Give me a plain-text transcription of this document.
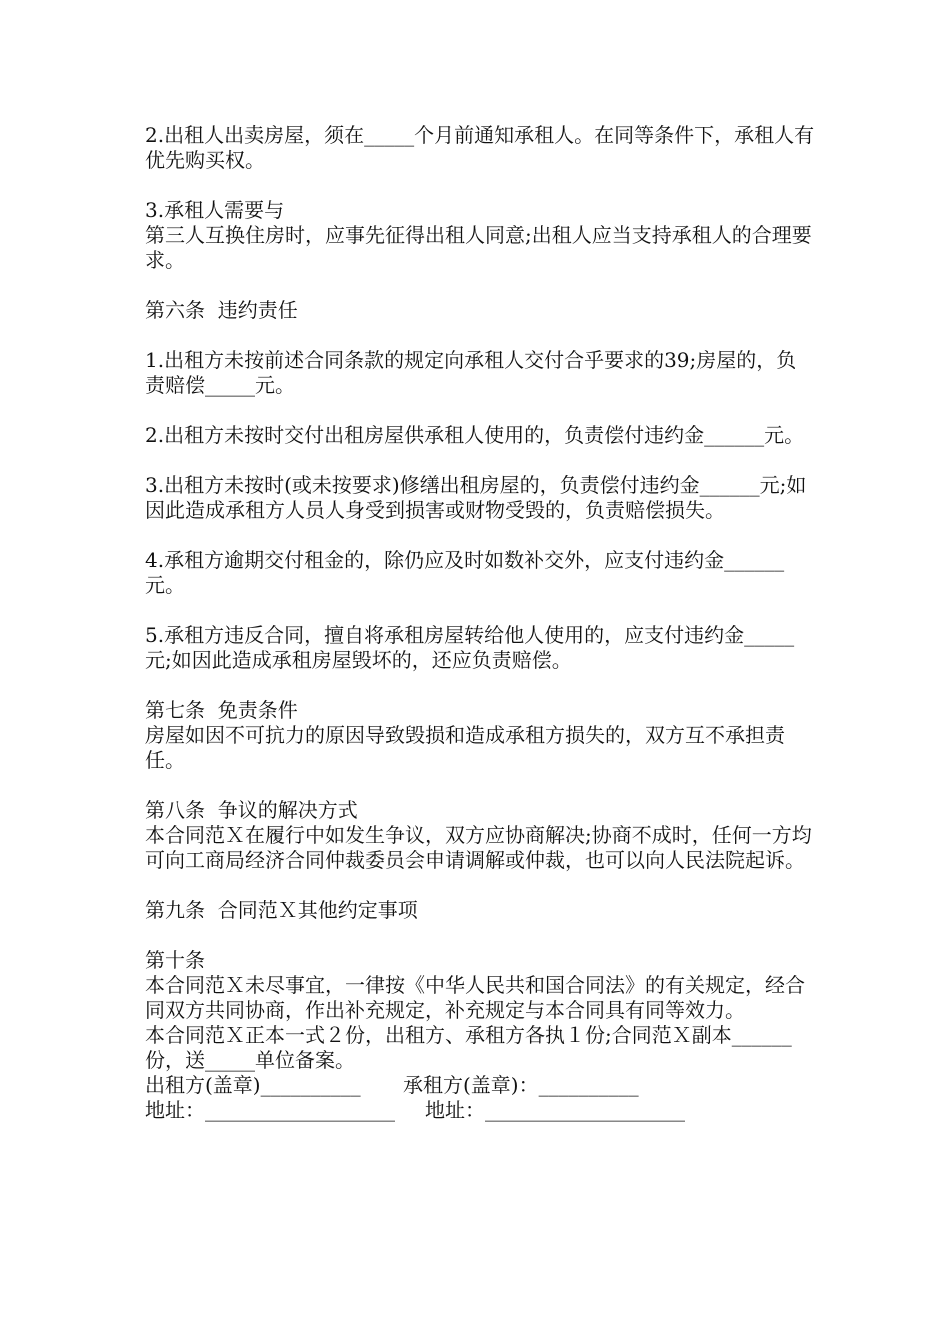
2.出租人出卖房屋，须在_____个月前通知承租人。在同等条件下，承租人有优先购买权。

3.承租人需要与

第三人互换住房时，应事先征得出租人同意;出租人应当支持承租人的合理要求。

第六条  违约责任

1.出租方未按前述合同条款的规定向承租人交付合乎要求的39;房屋的，负责赔偿_____元。

2.出租方未按时交付出租房屋供承租人使用的，负责偿付违约金______元。

3.出租方未按时(或未按要求)修缮出租房屋的，负责偿付违约金______元;如因此造成承租方人员人身受到损害或财物受毁的，负责赔偿损失。

4.承租方逾期交付租金的，除仍应及时如数补交外，应支付违约金______元。

5.承租方违反合同，擅自将承租房屋转给他人使用的，应支付违约金_____元;如因此造成承租房屋毁坏的，还应负责赔偿。

第七条  免责条件

房屋如因不可抗力的原因导致毁损和造成承租方损失的，双方互不承担责任。

第八条  争议的解决方式

本合同范Ｘ在履行中如发生争议，双方应协商解决;协商不成时，任何一方均可向工商局经济合同仲裁委员会申请调解或仲裁，也可以向人民法院起诉。

第九条  合同范Ｘ其他约定事项

第十条

本合同范Ｘ未尽事宜，一律按《中华人民共和国合同法》的有关规定，经合同双方共同协商，作出补充规定，补充规定与本合同具有同等效力。

本合同范Ｘ正本一式２份，出租方、承租方各执１份;合同范Ｘ副本______份，送_____单位备案。

出租方(盖章)__________	承租方(盖章)：__________
地址：___________________	地址：____________________
